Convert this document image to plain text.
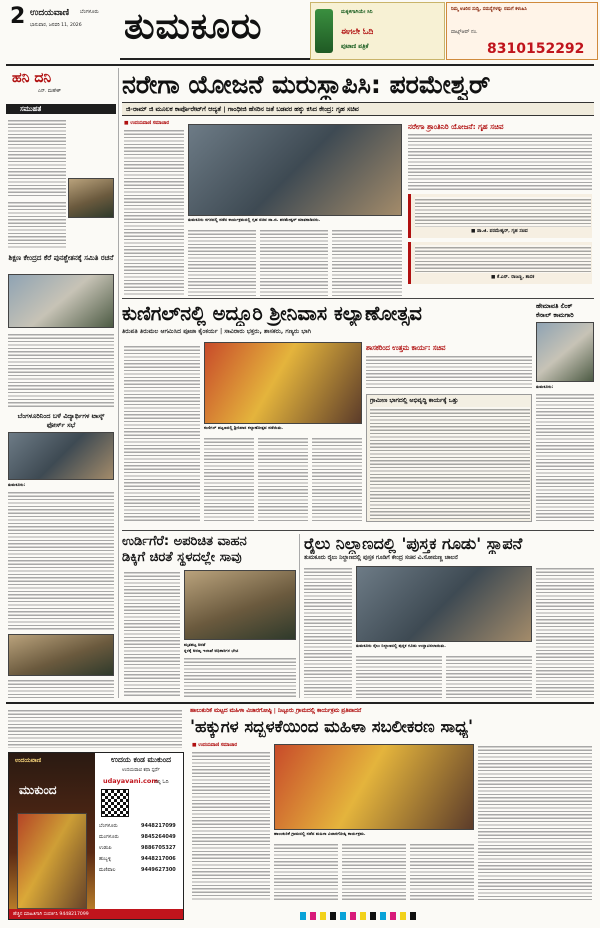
2 ಉದಯವಾಣಿ ಬೆಂಗಳೂರು
ಭಾನುವಾರ, ಜನವರಿ 11, 2026 ತುಮಕೂರು	ಮಕ್ಕಳಿಗಾಗಿಯೇ ಸಿನಿ
ಈಗಲೇ ಓದಿ
ಪುಟಾಣಿ ಪತ್ರಿಕೆ
ನಿಮ್ಮ ಊರಿನ ಸುದ್ದಿ, ಸಮಸ್ಯೆಗಳನ್ನು ನಮಗೆ ಕಳುಹಿಸಿ
ವಾಟ್ಸ್ಆಪ್ ನಂ.
8310152292
ಹನಿ ದನಿ
ಎನ್. ಮಹೇಶ್
ಸಮುಹತೆ
ಶಿಕ್ಷಣ ಕೇಂದ್ರದ ಕೆರೆ ಪುನಶ್ಚೇತನಕ್ಕೆ ಸಮಿತಿ ರಚನೆ
ಬೆಂಗಳೂರಿನಿಂದ ಬಳೆ ವಿದ್ಯಾರ್ಥಿಗಳ ಟಾಸ್ಕ್ ಫೋರ್ಸ್ ಸಭೆ
ತುಮಕೂರು:
ನರೇಗಾ ಯೋಜನೆ ಮರುಸ್ಥಾಪಿಸಿ: ಪರಮೇಶ್ವರ್
ಜಿ-ರಾಮ್ ಜಿ ಮೂಲಕ ಕಾರ್ಪೊರೇಟ್‌ಗೆ ಆದ್ಯತೆ | ಗಾಂಧೀಜಿ ಹೆಸರಿನ ಜತೆ ಬಡವರ ಹಕ್ಕು ಕಸಿದ ಕೇಂದ್ರ: ಗೃಹ ಸಚಿವ
■ ಉದಯವಾಣಿ ಸಮಾಚಾರ
ತುಮಕೂರು ನಗರದಲ್ಲಿ ನಡೆದ ಕಾರ್ಯಕ್ರಮದಲ್ಲಿ ಗೃಹ ಸಚಿವ ಡಾ.ಜಿ. ಪರಮೇಶ್ವರ್ ಮಾತನಾಡಿದರು.
ನರೇಗಾ ಶ್ರಾಂತಿನಿರಿ ಯೋಜನೆ: ಗೃಹ ಸಚಿವ
■ ಡಾ.ಜಿ. ಪರಮೇಶ್ವರ್, ಗೃಹ ಸಚಿವ
■ ಕೆ.ಎನ್. ರಾಜಣ್ಣ, ಶಾಸಕ
ಕುಣಿಗಲ್‌ನಲ್ಲಿ ಅದ್ದೂರಿ ಶ್ರೀನಿವಾಸ ಕಲ್ಯಾಣೋತ್ಸವ
ತಿರುಪತಿ ತಿರುಮಲ ಆಗಮಿಸಿದ ಪೂಜಾ ಕೈಂಕರ್ಯ | ಸಾವಿರಾರು ಭಕ್ತರು, ಶಾಸಕರು, ಗಣ್ಯರು ಭಾಗಿ
ಕುಣಿಗಲ್ ಪಟ್ಟಣದಲ್ಲಿ ಶ್ರೀನಿವಾಸ ಕಲ್ಯಾಣೋತ್ಸವ ನಡೆಯಿತು.
ಶಾಸಕರಿಂದ ಉತ್ತಮ ಕಾರ್ಯ: ಸಚಿವ
ಗ್ರಾಮೀಣ ಭಾಗದಲ್ಲಿ ಅಭಿವೃದ್ಧಿ ಕಾರ್ಯಕ್ಕೆ ಒತ್ತು
ಹೇಮಾವತಿ ಲಿಂಕ್
ಕೆನಾಲ್ ಕಾಮಗಾರಿ
ತುಮಕೂರು:
ಉರ್ಡಿಗೆರೆ: ಅಪರಿಚಿತ ವಾಹನ
ಡಿಕ್ಕಿಗೆ ಚಿರತೆ ಸ್ಥಳದಲ್ಲೇ ಸಾವು
ಮೃತಪಟ್ಟ ಚಿರತೆ
ಸ್ಥಳಕ್ಕೆ ಅರಣ್ಯ ಇಲಾಖೆ ಅಧಿಕಾರಿಗಳ ಭೇಟಿ
ರೈಲು ನಿಲ್ದಾಣದಲ್ಲಿ 'ಪುಸ್ತಕ ಗೂಡು' ಸ್ಥಾಪನೆ
ತುಮಕೂರು ರೈಲು ನಿಲ್ದಾಣದಲ್ಲಿ ಪುಸ್ತಕ ಗೂಡಿಗೆ ಕೇಂದ್ರ ಸಚಿವ ವಿ.ಸೋಮಣ್ಣ ಚಾಲನೆ
ತುಮಕೂರು ರೈಲು ನಿಲ್ದಾಣದಲ್ಲಿ ಪುಸ್ತಕ ಗೂಡು ಉದ್ಘಾಟಿಸಲಾಯಿತು.
ಉದಯವಾಣಿ
ಮುಕುಂದ
ಉದಯ ಕಂಡ ಮುಕುಂದ
ಉದಯವಾಣಿ ಕಥಾ ಸ್ಪರ್ಧೆ
udayavani.com
ನಲ್ಲಿ ಓದಿ
ಬೆಂಗಳೂರು	9448217099
ಮಂಗಳೂರು	9845264049
ಉಡುಪಿ	9886705327
ಹುಬ್ಬಳ್ಳಿ	9448217006
ಮಣಿಪಾಲ	9449627300
ಹೆಚ್ಚಿನ ಮಾಹಿತಿಗಾಗಿ ಸಂಪರ್ಕಿಸಿ 9448217099
ಹಾಲುಕುರಿಕೆ ಮಟ್ಟದ ಮಹಿಳಾ ವಿಚಾರಗೋಷ್ಠಿ | ನಿಟ್ಟೂರು ಗ್ರಾಮದಲ್ಲಿ ಕಾರ್ಯಕ್ರಮ ಪ್ರತಿಪಾದನೆ
'ಹಕ್ಕುಗಳ ಸದ್ಬಳಕೆಯಿಂದ ಮಹಿಳಾ ಸಬಲೀಕರಣ ಸಾಧ್ಯ'
■ ಉದಯವಾಣಿ ಸಮಾಚಾರ
ಹಾಲುಕುರಿಕೆ ಗ್ರಾಮದಲ್ಲಿ ನಡೆದ ಮಹಿಳಾ ವಿಚಾರಗೋಷ್ಠಿ ಕಾರ್ಯಕ್ರಮ.
